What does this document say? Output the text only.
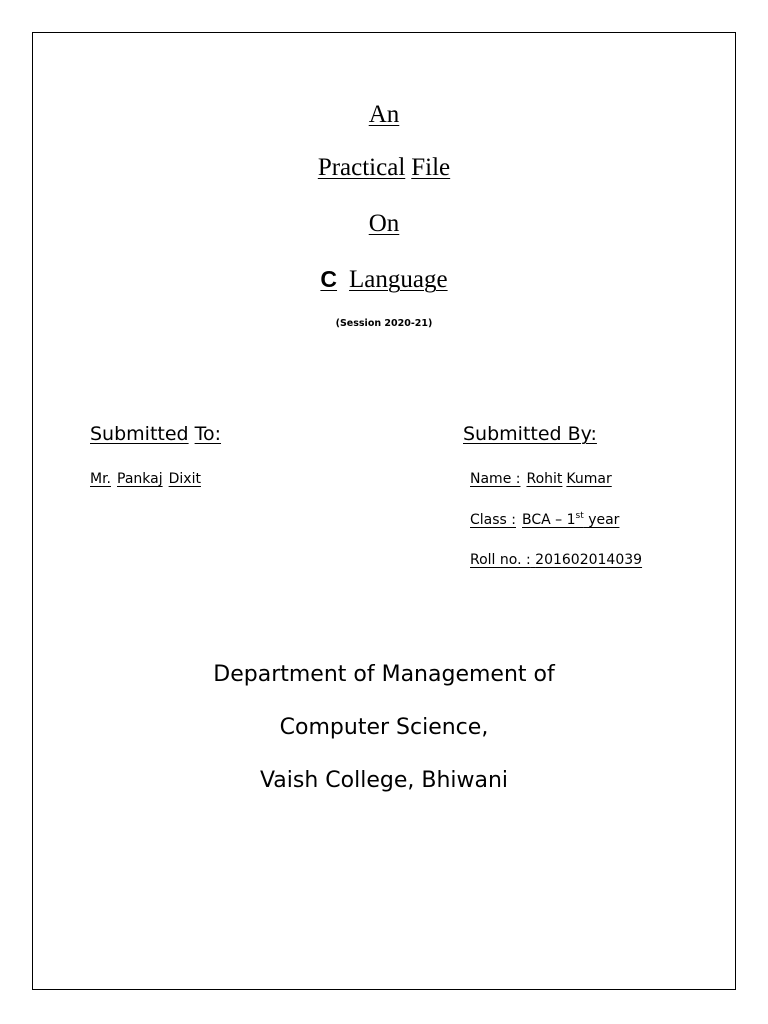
An
Practical File
On
C Language
(Session 2020-21)
Submitted To:
Mr. Pankaj Dixit
Submitted By:
Name : Rohit Kumar
Class : BCA – 1st year
Roll no. : 201602014039
Department of Management of
Computer Science,
Vaish College, Bhiwani
